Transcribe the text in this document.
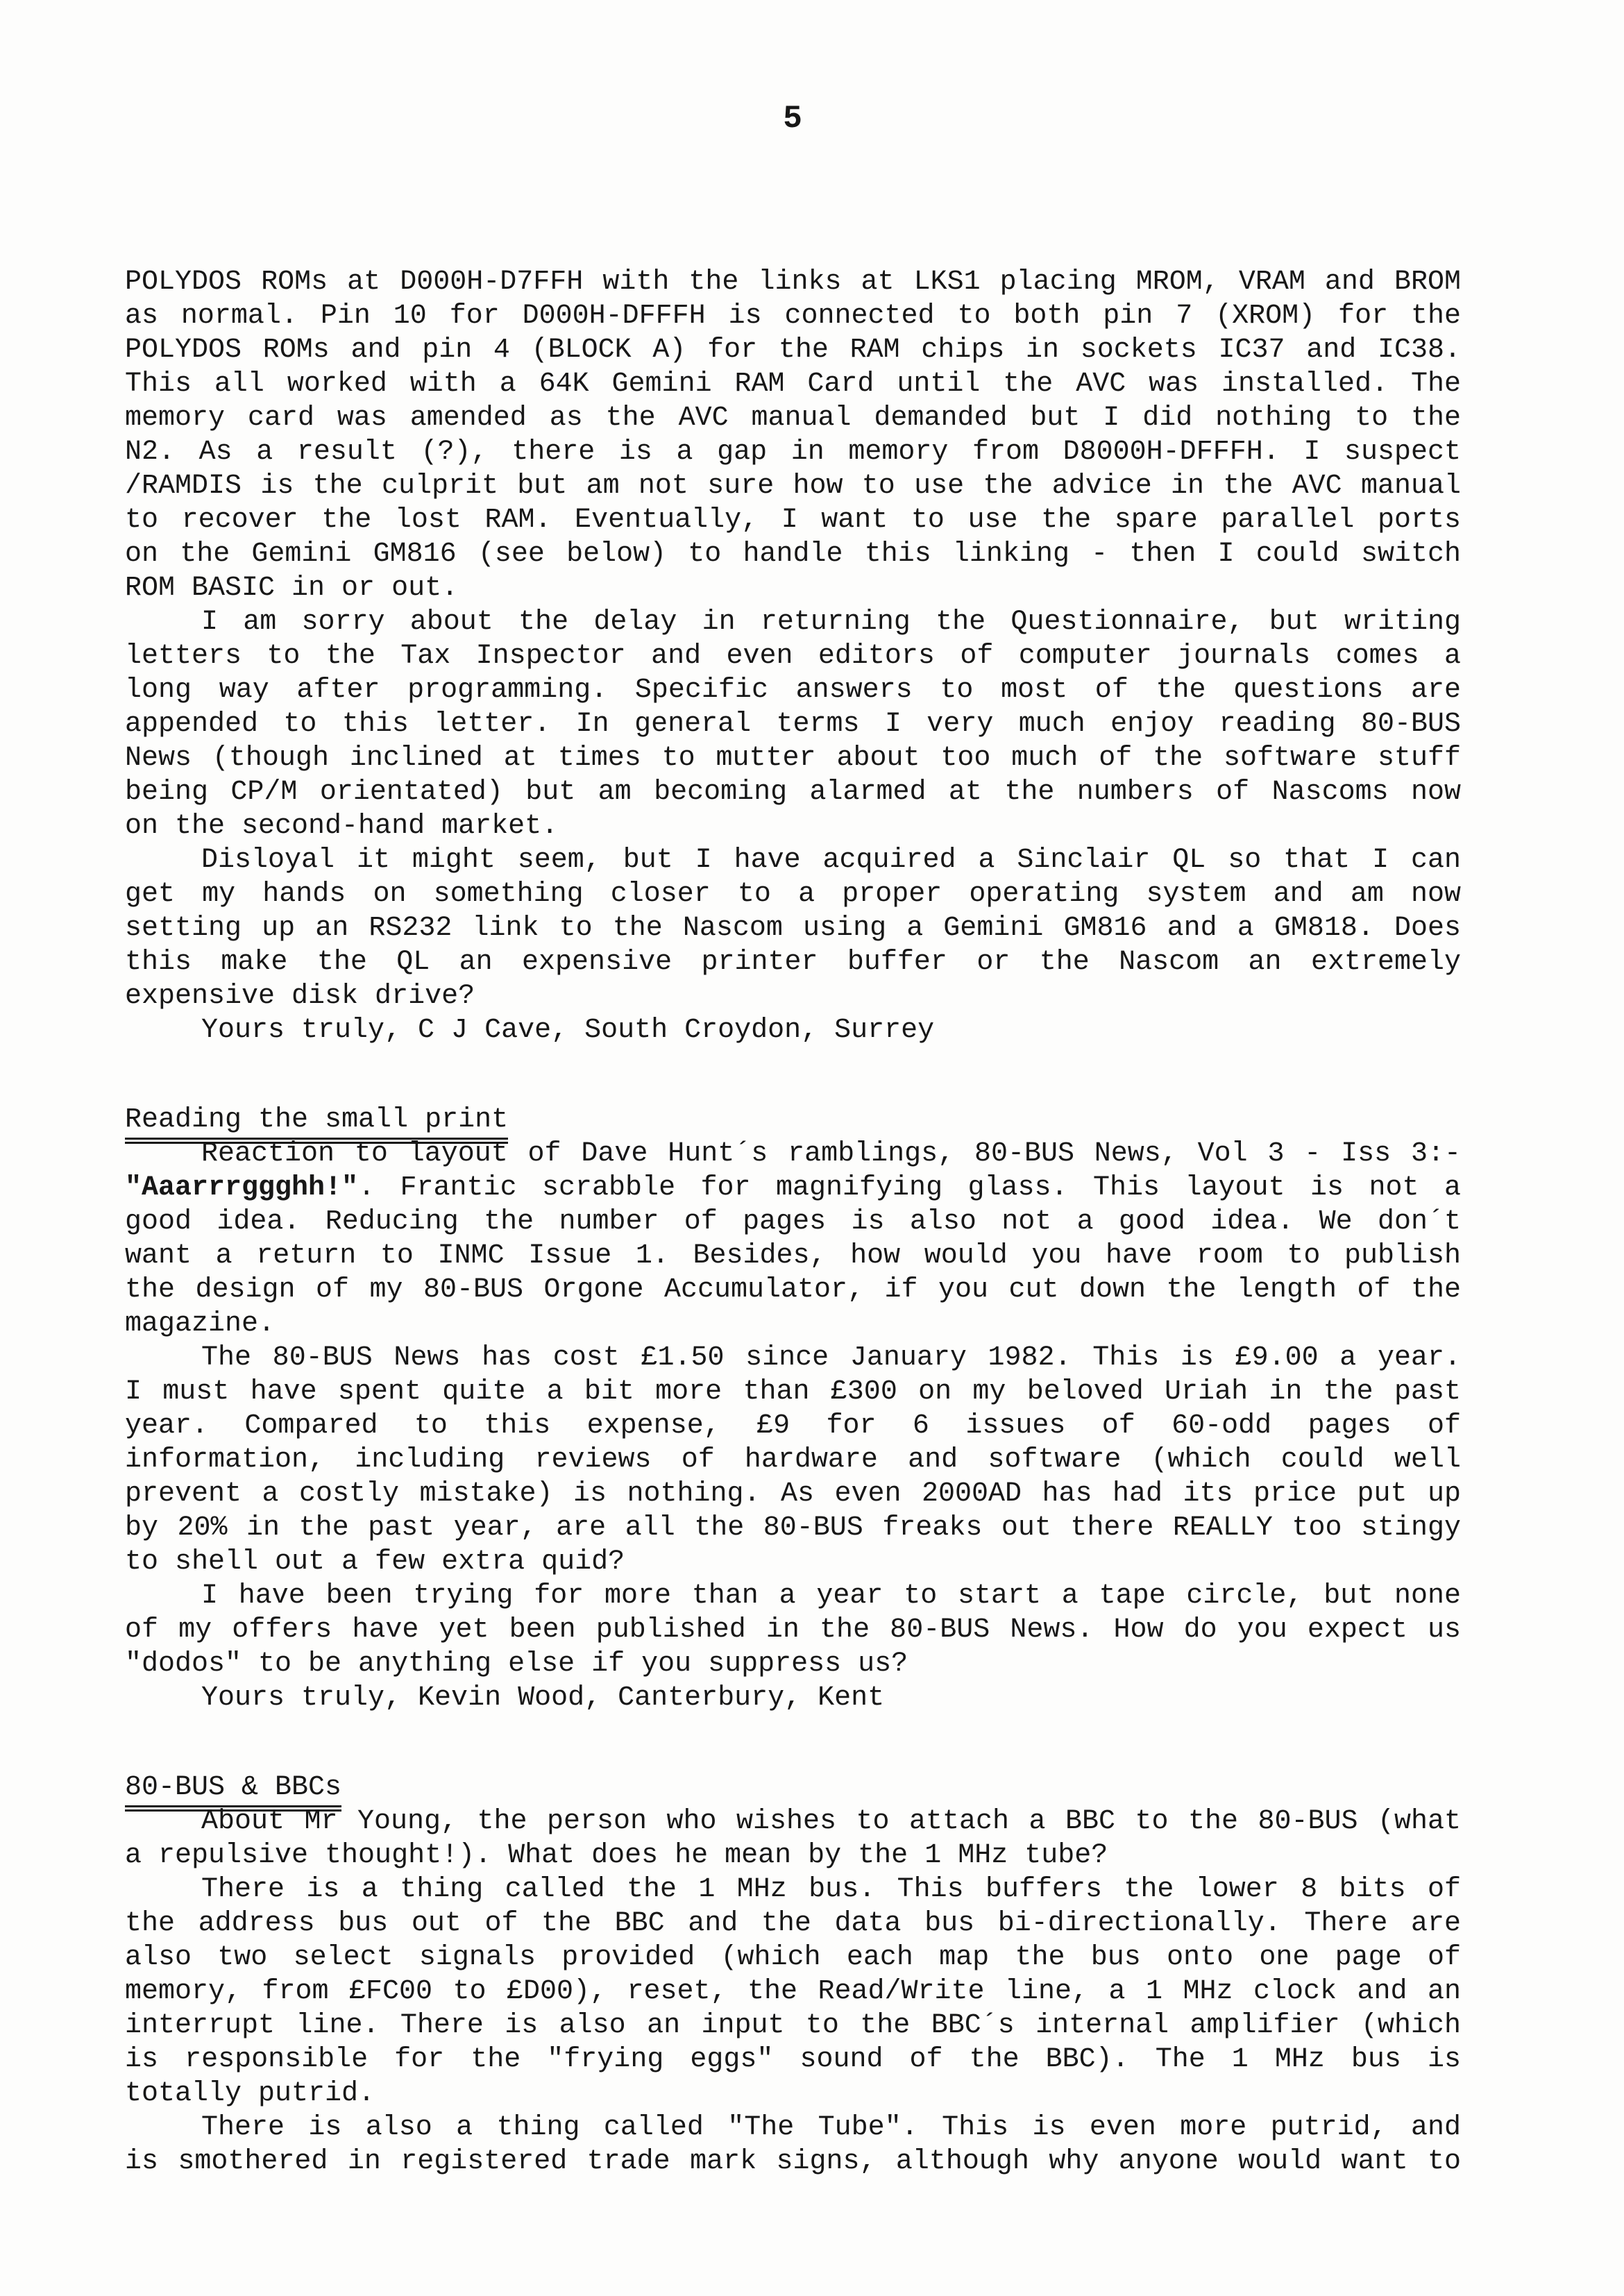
5
POLYDOS ROMs at D000H-D7FFH with the links at LKS1 placing MROM, VRAM and BROM
as normal. Pin 10 for D000H-DFFFH is connected to both pin 7 (XROM) for the
POLYDOS ROMs and pin 4 (BLOCK A) for the RAM chips in sockets IC37 and IC38.
This all worked with a 64K Gemini RAM Card until the AVC was installed. The
memory card was amended as the AVC manual demanded but I did nothing to the
N2. As a result (?), there is a gap in memory from D8000H-DFFFH. I suspect
/RAMDIS is the culprit but am not sure how to use the advice in the AVC manual
to recover the lost RAM. Eventually, I want to use the spare parallel ports
on the Gemini GM816 (see below) to handle this linking - then I could switch
ROM BASIC in or out.
I am sorry about the delay in returning the Questionnaire, but writing
letters to the Tax Inspector and even editors of computer journals comes a
long way after programming. Specific answers to most of the questions are
appended to this letter. In general terms I very much enjoy reading 80-BUS
News (though inclined at times to mutter about too much of the software stuff
being CP/M orientated) but am becoming alarmed at the numbers of Nascoms now
on the second-hand market.
Disloyal it might seem, but I have acquired a Sinclair QL so that I can
get my hands on something closer to a proper operating system and am now
setting up an RS232 link to the Nascom using a Gemini GM816 and a GM818. Does
this make the QL an expensive printer buffer or the Nascom an extremely
expensive disk drive?
Yours truly, C J Cave, South Croydon, Surrey
Reading the small print
Reaction to layout of Dave Hunt´s ramblings, 80-BUS News, Vol 3 - Iss 3:-
"Aaarrrggghh!". Frantic scrabble for magnifying glass. This layout is not a
good idea. Reducing the number of pages is also not a good idea. We don´t
want a return to INMC Issue 1. Besides, how would you have room to publish
the design of my 80-BUS Orgone Accumulator, if you cut down the length of the
magazine.
The 80-BUS News has cost £1.50 since January 1982. This is £9.00 a year.
I must have spent quite a bit more than £300 on my beloved Uriah in the past
year. Compared to this expense, £9 for 6 issues of 60-odd pages of
information, including reviews of hardware and software (which could well
prevent a costly mistake) is nothing. As even 2000AD has had its price put up
by 20% in the past year, are all the 80-BUS freaks out there REALLY too stingy
to shell out a few extra quid?
I have been trying for more than a year to start a tape circle, but none
of my offers have yet been published in the 80-BUS News. How do you expect us
"dodos" to be anything else if you suppress us?
Yours truly, Kevin Wood, Canterbury, Kent
80-BUS & BBCs
About Mr Young, the person who wishes to attach a BBC to the 80-BUS (what
a repulsive thought!). What does he mean by the 1 MHz tube?
There is a thing called the 1 MHz bus. This buffers the lower 8 bits of
the address bus out of the BBC and the data bus bi-directionally. There are
also two select signals provided (which each map the bus onto one page of
memory, from £FC00 to £D00), reset, the Read/Write line, a 1 MHz clock and an
interrupt line. There is also an input to the BBC´s internal amplifier (which
is responsible for the "frying eggs" sound of the BBC). The 1 MHz bus is
totally putrid.
There is also a thing called "The Tube". This is even more putrid, and
is smothered in registered trade mark signs, although why anyone would want to
